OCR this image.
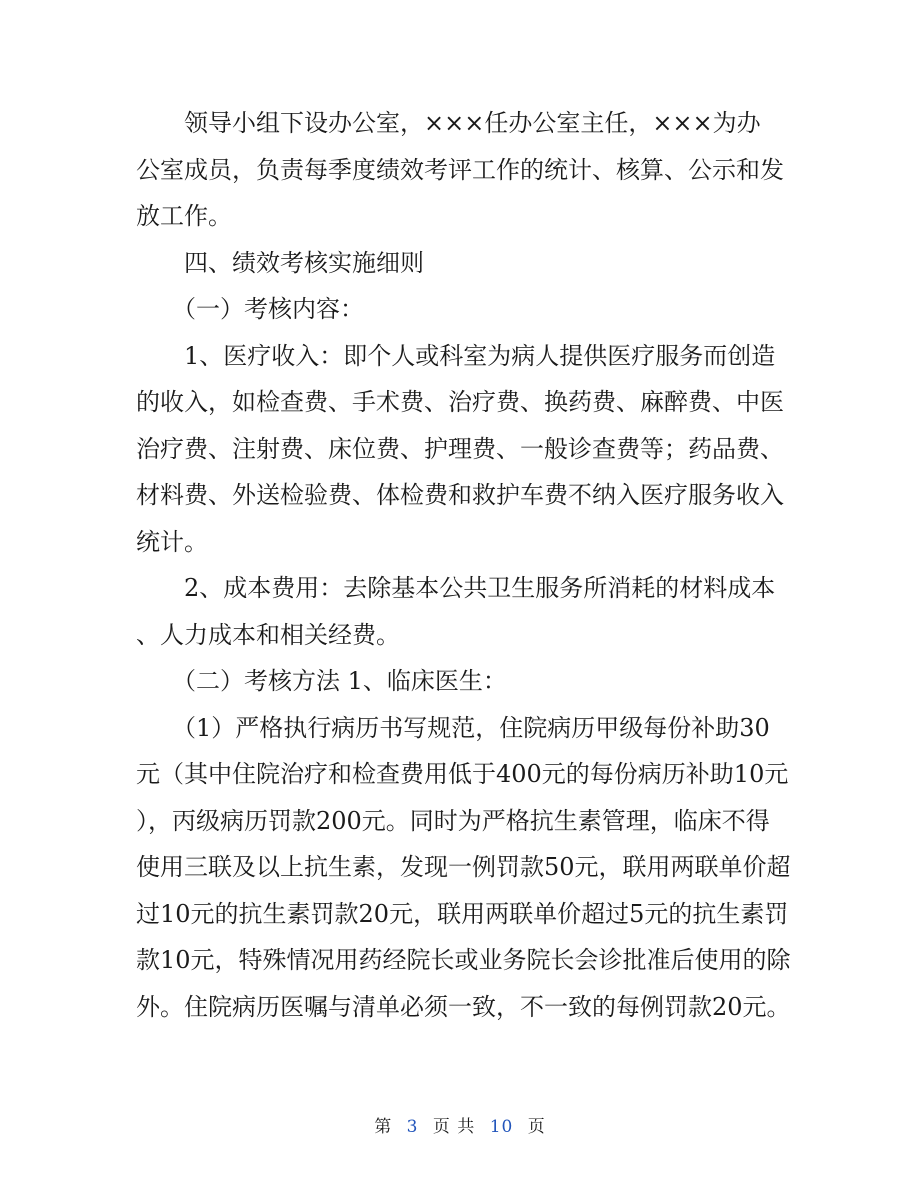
　　领导小组下设办公室，×××任办公室主任，×××为办
公室成员，负责每季度绩效考评工作的统计、核算、公示和发
放工作。
　　四、绩效考核实施细则
　　（一）考核内容：
　　1、医疗收入：即个人或科室为病人提供医疗服务而创造
的收入，如检查费、手术费、治疗费、换药费、麻醉费、中医
治疗费、注射费、床位费、护理费、一般诊查费等；药品费、
材料费、外送检验费、体检费和救护车费不纳入医疗服务收入
统计。
　　2、成本费用：去除基本公共卫生服务所消耗的材料成本
、人力成本和相关经费。
　　（二）考核方法 1、临床医生：
　　（1）严格执行病历书写规范，住院病历甲级每份补助30
元（其中住院治疗和检查费用低于400元的每份病历补助10元
），丙级病历罚款200元。同时为严格抗生素管理，临床不得
使用三联及以上抗生素，发现一例罚款50元，联用两联单价超
过10元的抗生素罚款20元，联用两联单价超过5元的抗生素罚
款10元，特殊情况用药经院长或业务院长会诊批准后使用的除
外。住院病历医嘱与清单必须一致，不一致的每例罚款20元。
第 3 页 共 10 页
